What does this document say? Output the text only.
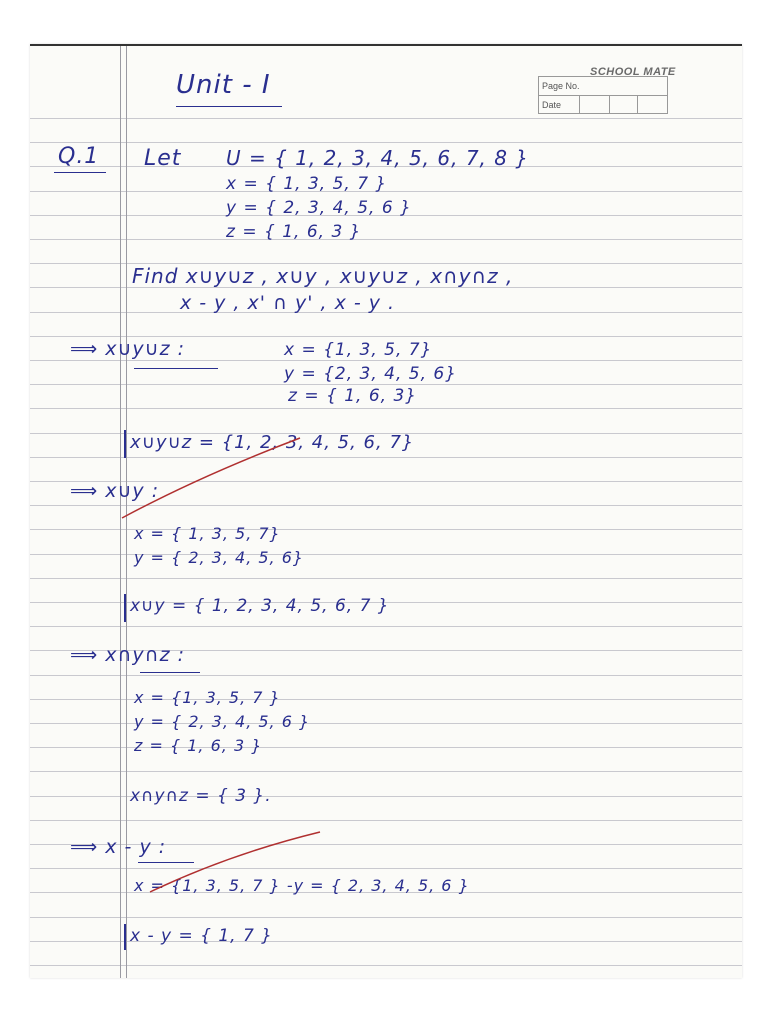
SCHOOL MATE
Page No.
Date
Unit - I
Q.1 Let U = { 1, 2, 3, 4, 5, 6, 7, 8 }
x = { 1, 3, 5, 7 }
y = { 2, 3, 4, 5, 6 }
z = { 1, 6, 3 }
Find x∪y∪z , x∪y , x∪y∪z , x∩y∩z ,
x - y , x' ∩ y' , x - y .
⟹ x∪y∪z :	x = {1, 3, 5, 7}
y = {2, 3, 4, 5, 6}
z = { 1, 6, 3}
x∪y∪z = {1, 2, 3, 4, 5, 6, 7}
⟹ x∪y :
x = { 1, 3, 5, 7}
y = { 2, 3, 4, 5, 6}
x∪y = { 1, 2, 3, 4, 5, 6, 7 }
⟹ x∩y∩z :
x = {1, 3, 5, 7 }
y = { 2, 3, 4, 5, 6 }
z = { 1, 6, 3 }
x∩y∩z = { 3 }.
⟹ x - y :
x = {1, 3, 5, 7 } -y = { 2, 3, 4, 5, 6 }
x - y = { 1, 7 }
